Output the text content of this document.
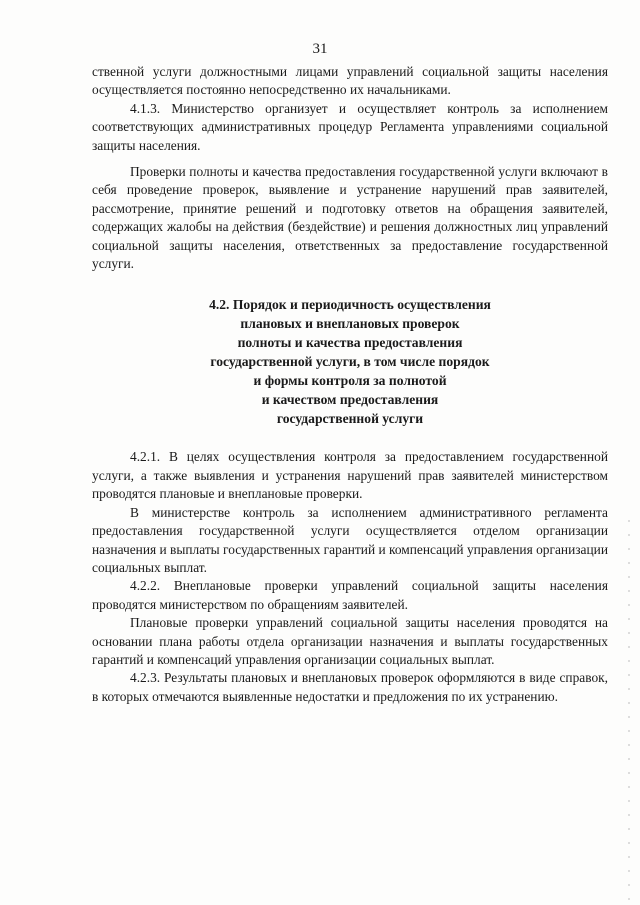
31

ственной услуги должностными лицами управлений социальной защиты населения осуществляется постоянно непосредственно их начальниками.

4.1.3. Министерство организует и осуществляет контроль за исполнением соответствующих административных процедур Регламента управлениями социальной защиты населения.

Проверки полноты и качества предоставления государственной услуги включают в себя проведение проверок, выявление и устранение нарушений прав заявителей, рассмотрение, принятие решений и подготовку ответов на обращения заявителей, содержащих жалобы на действия (бездействие) и решения должностных лиц управлений социальной защиты населения, ответственных за предоставление государственной услуги.

4.2. Порядок и периодичность осуществления

плановых и внеплановых проверок

полноты и качества предоставления

государственной услуги, в том числе порядок

и формы контроля за полнотой

и качеством предоставления

государственной услуги

4.2.1. В целях осуществления контроля за предоставлением государственной услуги, а также выявления и устранения нарушений прав заявителей министерством проводятся плановые и внеплановые проверки.

В министерстве контроль за исполнением административного регламента предоставления государственной услуги осуществляется отделом организации назначения и выплаты государственных гарантий и компенсаций управления организации социальных выплат.

4.2.2. Внеплановые проверки управлений социальной защиты населения проводятся министерством по обращениям заявителей.

Плановые проверки управлений социальной защиты населения проводятся на основании плана работы отдела организации назначения и выплаты государственных гарантий и компенсаций управления организации социальных выплат.

4.2.3. Результаты плановых и внеплановых проверок оформляются в виде справок, в которых отмечаются выявленные недостатки и предложения по их устранению.
